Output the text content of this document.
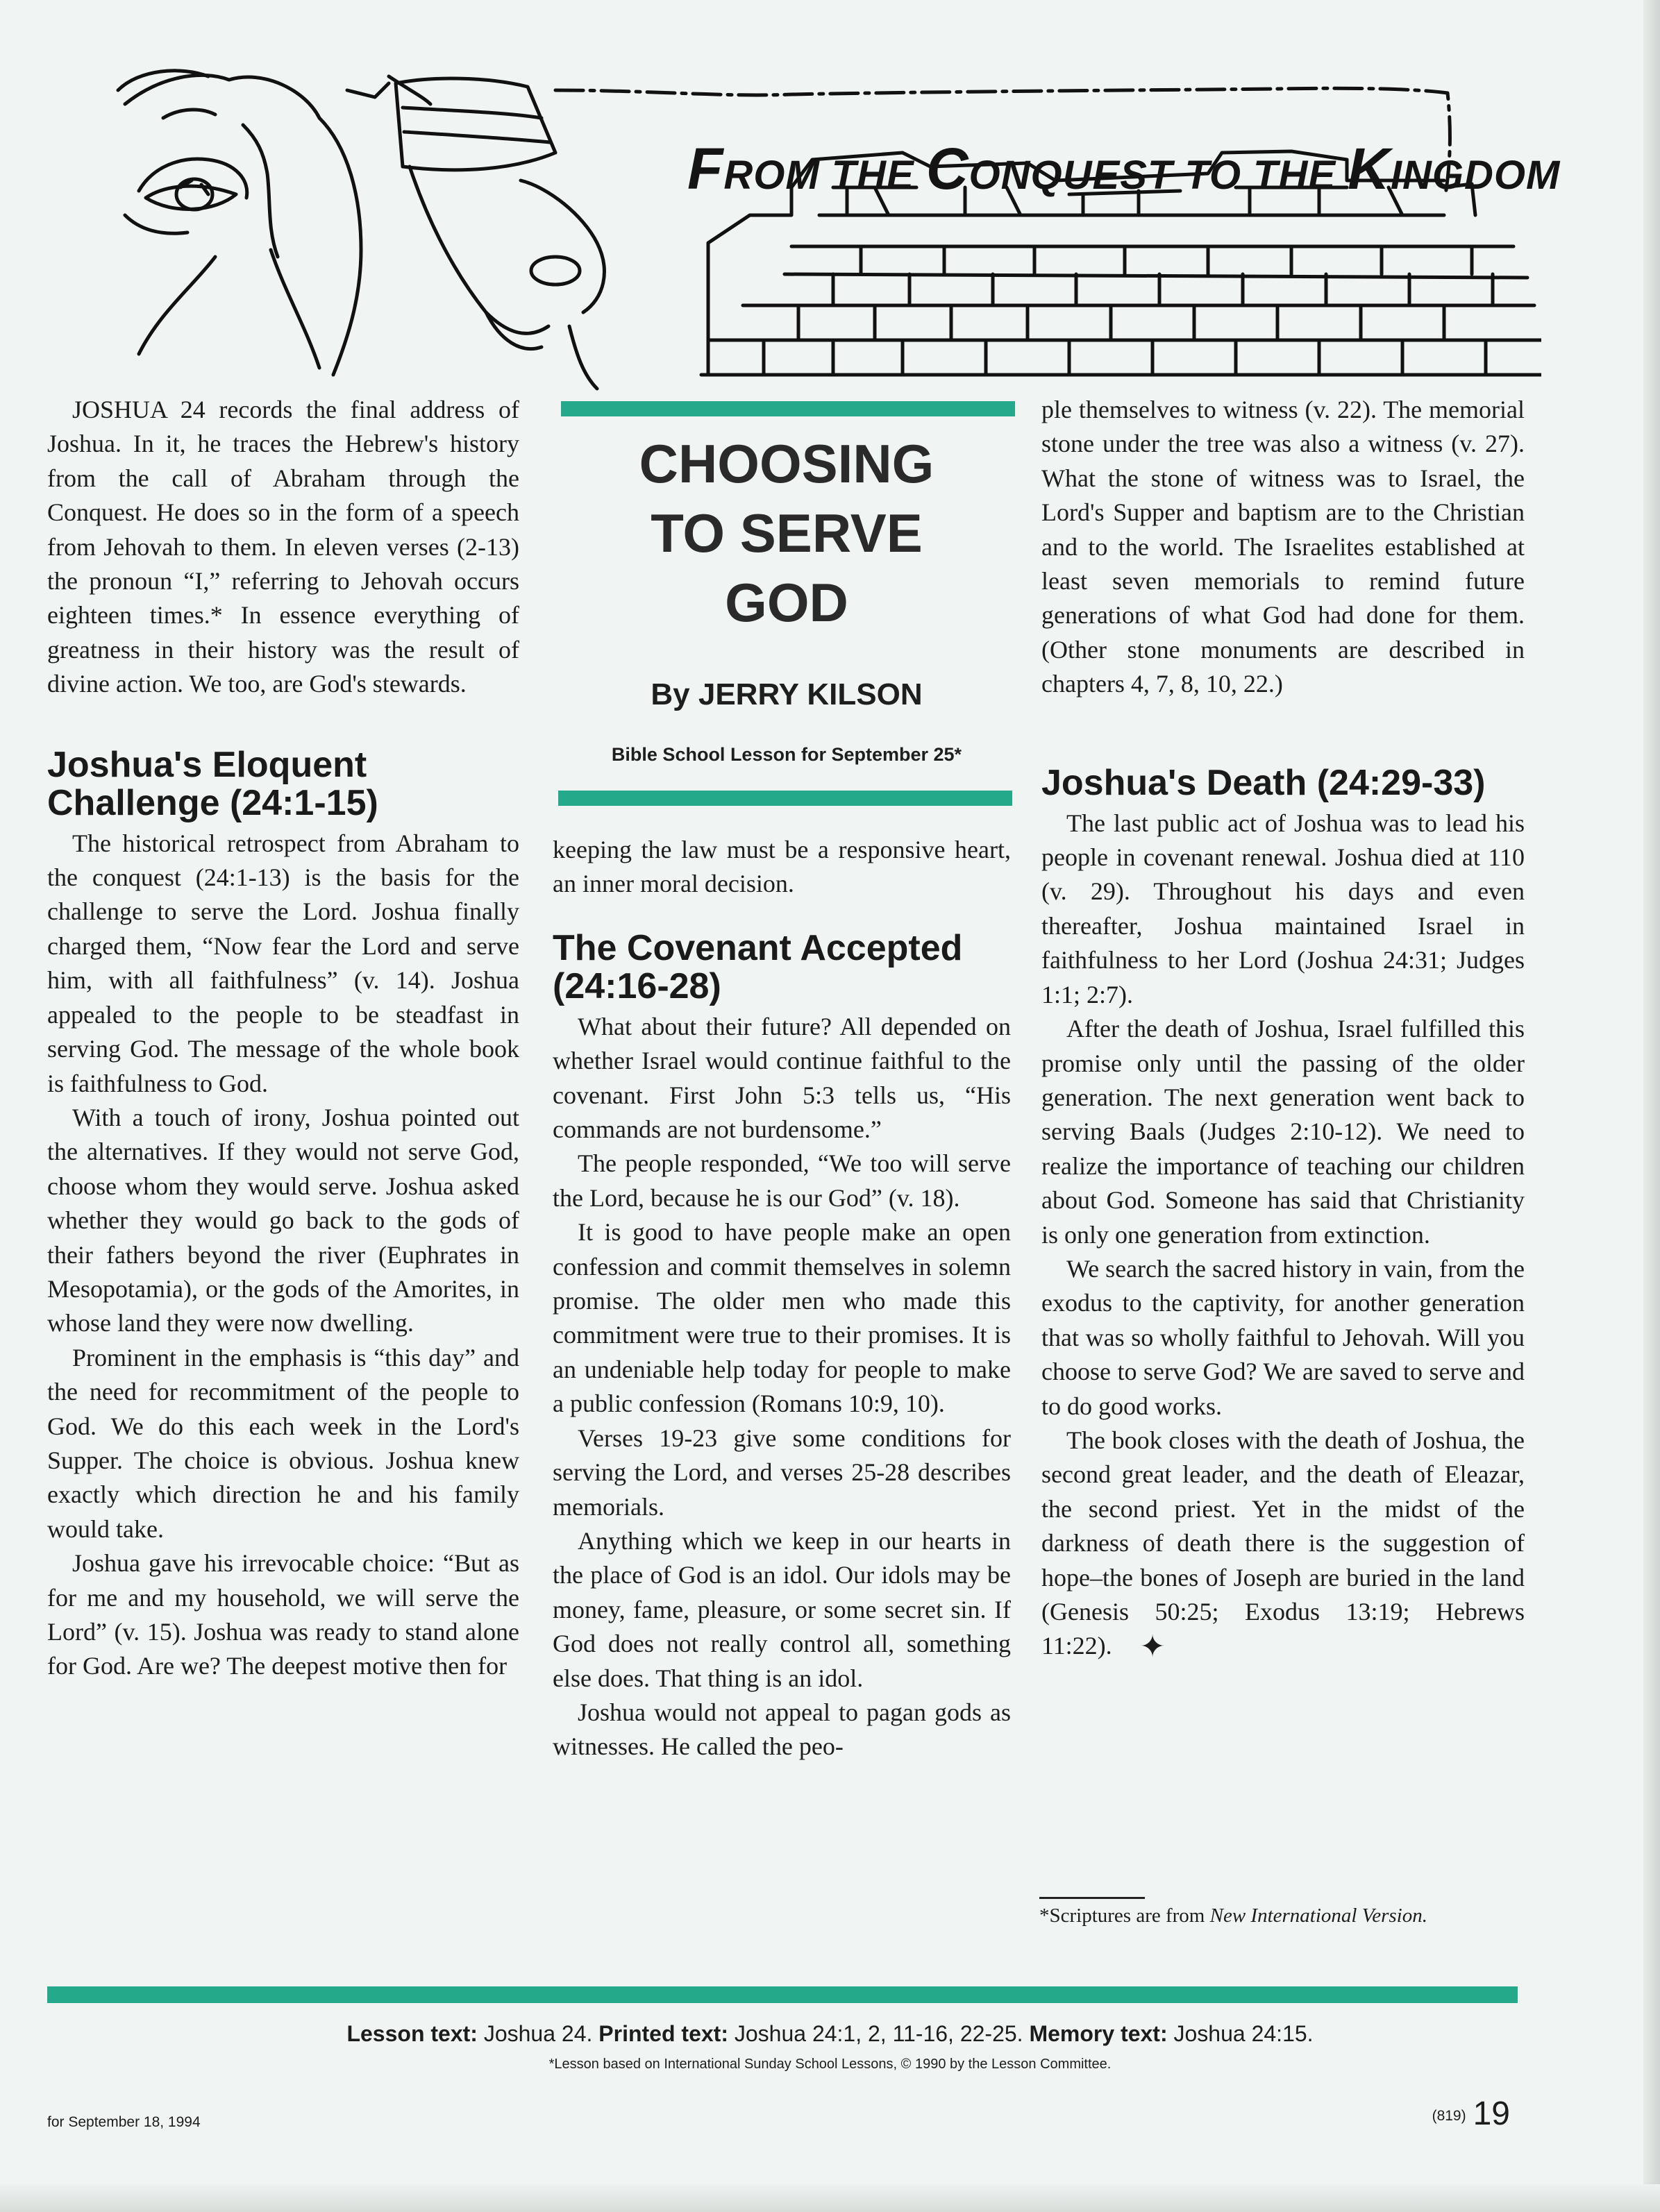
FROM THE CONQUEST TO THE KINGDOM

JOSHUA 24 records the final address of Joshua. In it, he traces the Hebrew's history from the call of Abraham through the Conquest. He does so in the form of a speech from Jehovah to them. In eleven verses (2-13) the pronoun “I,” referring to Jehovah occurs eighteen times.* In essence everything of greatness in their history was the result of divine action. We too, are God's stewards.

Joshua's Eloquent
Challenge (24:1-15)

The historical retrospect from Abraham to the conquest (24:1-13) is the basis for the challenge to serve the Lord. Joshua finally charged them, “Now fear the Lord and serve him, with all faithfulness” (v. 14). Joshua appealed to the people to be steadfast in serving God. The message of the whole book is faithfulness to God.

With a touch of irony, Joshua pointed out the alternatives. If they would not serve God, choose whom they would serve. Joshua asked whether they would go back to the gods of their fathers beyond the river (Euphrates in Mesopotamia), or the gods of the Amorites, in whose land they were now dwelling.

Prominent in the emphasis is “this day” and the need for recommitment of the people to God. We do this each week in the Lord's Supper. The choice is obvious. Joshua knew exactly which direction he and his family would take.

Joshua gave his irrevocable choice: “But as for me and my household, we will serve the Lord” (v. 15). Joshua was ready to stand alone for God. Are we? The deepest motive then for

CHOOSING
TO SERVE
GOD
By JERRY KILSON
Bible School Lesson for September 25*

keeping the law must be a responsive heart, an inner moral decision.

The Covenant Accepted
(24:16-28)

What about their future? All depended on whether Israel would continue faithful to the covenant. First John 5:3 tells us, “His commands are not burdensome.”

The people responded, “We too will serve the Lord, because he is our God” (v. 18).

It is good to have people make an open confession and commit themselves in solemn promise. The older men who made this commitment were true to their promises. It is an undeniable help today for people to make a public confession (Romans 10:9, 10).

Verses 19-23 give some conditions for serving the Lord, and verses 25-28 describes memorials.

Anything which we keep in our hearts in the place of God is an idol. Our idols may be money, fame, pleasure, or some secret sin. If God does not really control all, something else does. That thing is an idol.

Joshua would not appeal to pagan gods as witnesses. He called the peo-

ple themselves to witness (v. 22). The memorial stone under the tree was also a witness (v. 27). What the stone of witness was to Israel, the Lord's Supper and baptism are to the Christian and to the world. The Israelites established at least seven memorials to remind future generations of what God had done for them. (Other stone monuments are described in chapters 4, 7, 8, 10, 22.)

Joshua's Death (24:29-33)

The last public act of Joshua was to lead his people in covenant renewal. Joshua died at 110 (v. 29). Throughout his days and even thereafter, Joshua maintained Israel in faithfulness to her Lord (Joshua 24:31; Judges 1:1; 2:7).

After the death of Joshua, Israel fulfilled this promise only until the passing of the older generation. The next generation went back to serving Baals (Judges 2:10-12). We need to realize the importance of teaching our children about God. Someone has said that Christianity is only one generation from extinction.

We search the sacred history in vain, from the exodus to the captivity, for another generation that was so wholly faithful to Jehovah. Will you choose to serve God? We are saved to serve and to do good works.

The book closes with the death of Joshua, the second great leader, and the death of Eleazar, the second priest. Yet in the midst of the darkness of death there is the suggestion of hope–the bones of Joseph are buried in the land (Genesis 50:25; Exodus 13:19; Hebrews 11:22). ✦

*Scriptures are from New International Version.
Lesson text: Joshua 24. Printed text: Joshua 24:1, 2, 11-16, 22-25. Memory text: Joshua 24:15.
*Lesson based on International Sunday School Lessons, © 1990 by the Lesson Committee.
for September 18, 1994	(819) 19
